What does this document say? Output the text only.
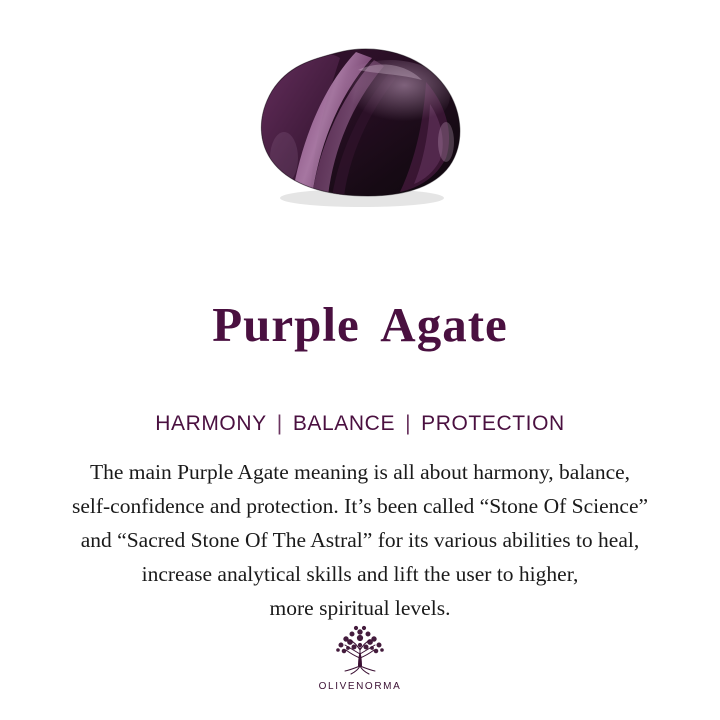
Purple Agate
HARMONY | BALANCE | PROTECTION

The main Purple Agate meaning is all about harmony, balance,
self-confidence and protection. It’s been called “Stone Of Science”
and “Sacred Stone Of The Astral” for its various abilities to heal,
increase analytical skills and lift the user to higher,
more spiritual levels.

OLIVENORMA
